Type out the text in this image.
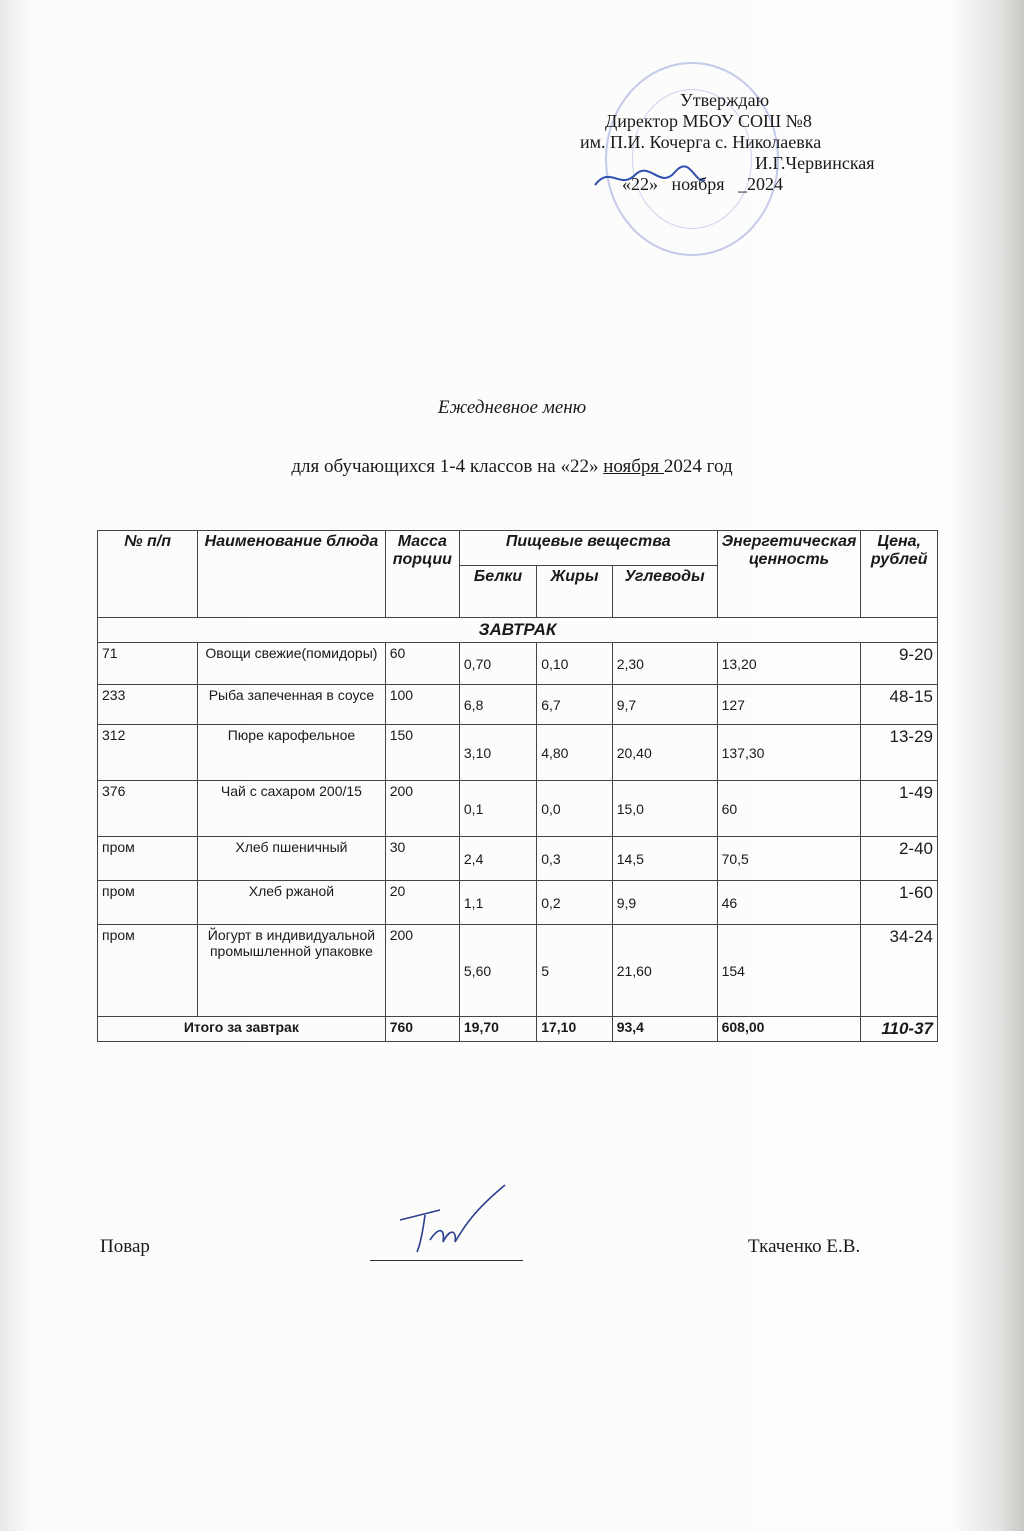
Утверждаю
Директор МБОУ СОШ №8
им. П.И. Кочерга с. Николаевка
И.Г.Червинская
«22» ноября _2024
Ежедневное меню
для обучающихся 1-4 классов на «22» ноября 2024 год
№ п/п	Наименование блюда	Масса порции	Пищевые вещества			Энергетическая ценность	Цена, рублей
			Белки	Жиры	Углеводы		
ЗАВТРАК							
71	Овощи свежие(помидоры)	60	0,70	0,10	2,30	13,20	9-20
233	Рыба запеченная в соусе	100	6,8	6,7	9,7	127	48-15
312	Пюре карофельное	150	3,10	4,80	20,40	137,30	13-29
376	Чай с сахаром 200/15	200	0,1	0,0	15,0	60	1-49
пром	Хлеб пшеничный	30	2,4	0,3	14,5	70,5	2-40
пром	Хлеб ржаной	20	1,1	0,2	9,9	46	1-60
пром	Йогурт в индивидуальной промышленной упаковке	200	5,60	5	21,60	154	34-24
Итого за завтрак		760	19,70	17,10	93,4	608,00	110-37
Повар	Ткаченко Е.В.
